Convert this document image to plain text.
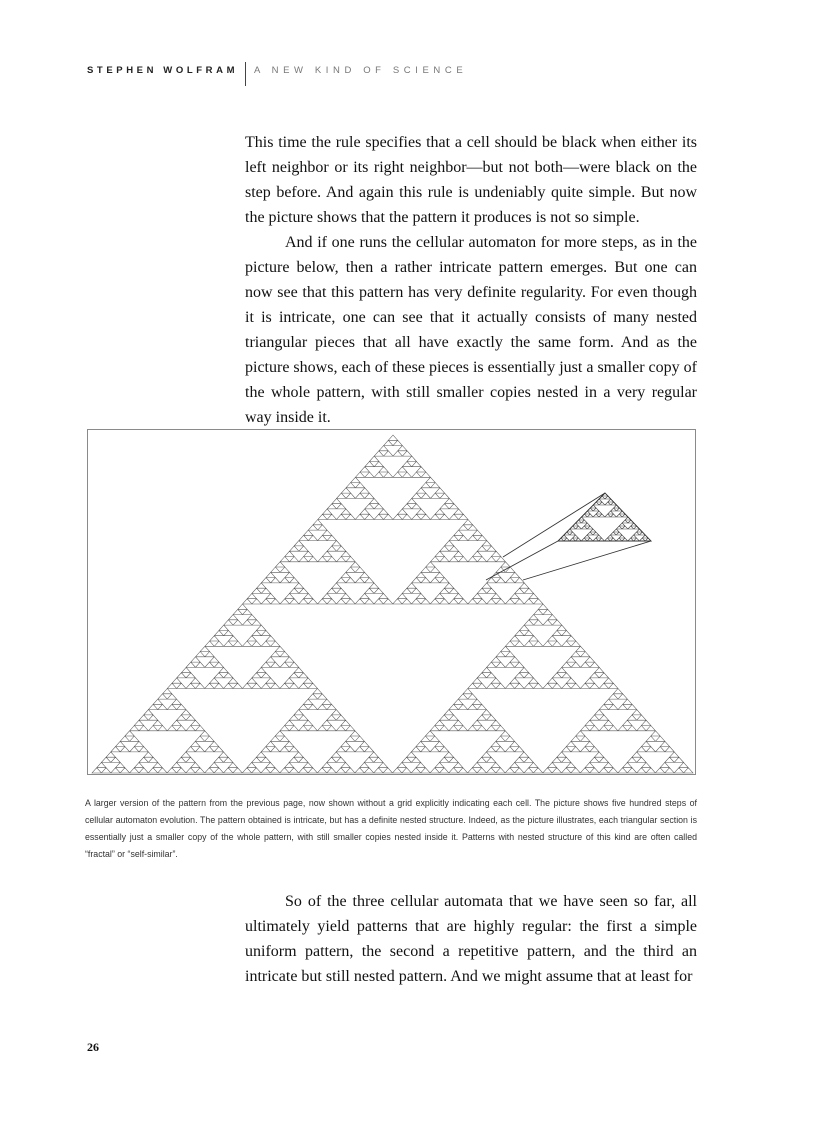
STEPHEN WOLFRAM A NEW KIND OF SCIENCE

This time the rule specifies that a cell should be black when either its left neighbor or its right neighbor—but not both—were black on the step before. And again this rule is undeniably quite simple. But now the picture shows that the pattern it produces is not so simple.

And if one runs the cellular automaton for more steps, as in the picture below, then a rather intricate pattern emerges. But one can now see that this pattern has very definite regularity. For even though it is intricate, one can see that it actually consists of many nested triangular pieces that all have exactly the same form. And as the picture shows, each of these pieces is essentially just a smaller copy of the whole pattern, with still smaller copies nested in a very regular way inside it.

A larger version of the pattern from the previous page, now shown without a grid explicitly indicating each cell. The picture shows five hundred steps of cellular automaton evolution. The pattern obtained is intricate, but has a definite nested structure. Indeed, as the picture illustrates, each triangular section is essentially just a smaller copy of the whole pattern, with still smaller copies nested inside it. Patterns with nested structure of this kind are often called “fractal” or “self-similar”.

So of the three cellular automata that we have seen so far, all ultimately yield patterns that are highly regular: the first a simple uniform pattern, the second a repetitive pattern, and the third an intricate but still nested pattern. And we might assume that at least for

26
